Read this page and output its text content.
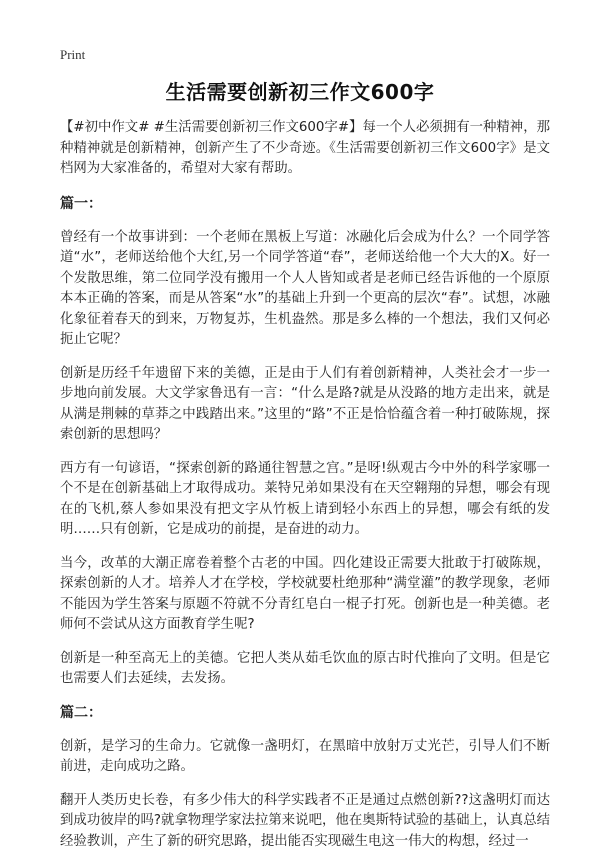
Print
生活需要创新初三作文600字

【#初中作文# #生活需要创新初三作文600字#】每一个人必须拥有一种精神，那种精神就是创新精神，创新产生了不少奇迹。《生活需要创新初三作文600字》是文档网为大家准备的，希望对大家有帮助。

篇一：

曾经有一个故事讲到：一个老师在黑板上写道：冰融化后会成为什么？一个同学答道“水”，老师送给他个大红,另一个同学答道“春”，老师送给他一个大大的X。好一个发散思维，第二位同学没有搬用一个人人皆知或者是老师已经告诉他的一个原原本本正确的答案，而是从答案“水”的基础上升到一个更高的层次“春”。试想，冰融化象征着春天的到来，万物复苏，生机盎然。那是多么棒的一个想法，我们又何必扼止它呢？

创新是历经千年遗留下来的美德，正是由于人们有着创新精神，人类社会才一步一步地向前发展。大文学家鲁迅有一言：“什么是路?就是从没路的地方走出来，就是从满是荆棘的草莽之中践踏出来。”这里的“路”不正是恰恰蕴含着一种打破陈规，探索创新的思想吗？

西方有一句谚语，“探索创新的路通往智慧之宫。”是呀!纵观古今中外的科学家哪一个不是在创新基础上才取得成功。莱特兄弟如果没有在天空翱翔的异想，哪会有现在的飞机,蔡人参如果没有把文字从竹板上请到轻小东西上的异想，哪会有纸的发明……只有创新，它是成功的前提，是奋进的动力。

当今，改革的大潮正席卷着整个古老的中国。四化建设正需要大批敢于打破陈规，探索创新的人才。培养人才在学校，学校就要杜绝那种“满堂灌”的教学现象，老师不能因为学生答案与原题不符就不分青红皂白一棍子打死。创新也是一种美德。老师何不尝试从这方面教育学生呢?

创新是一种至高无上的美德。它把人类从茹毛饮血的原古时代推向了文明。但是它也需要人们去延续，去发扬。

篇二：

创新，是学习的生命力。它就像一盏明灯，在黑暗中放射万丈光芒，引导人们不断前进，走向成功之路。

翻开人类历史长卷，有多少伟大的科学实践者不正是通过点燃创新??这盏明灯而达到成功彼岸的吗?就拿物理学家法拉第来说吧，他在奥斯特试验的基础上，认真总结经验教训，产生了新的研究思路，提出能否实现磁生电这一伟大的构想，经过一
